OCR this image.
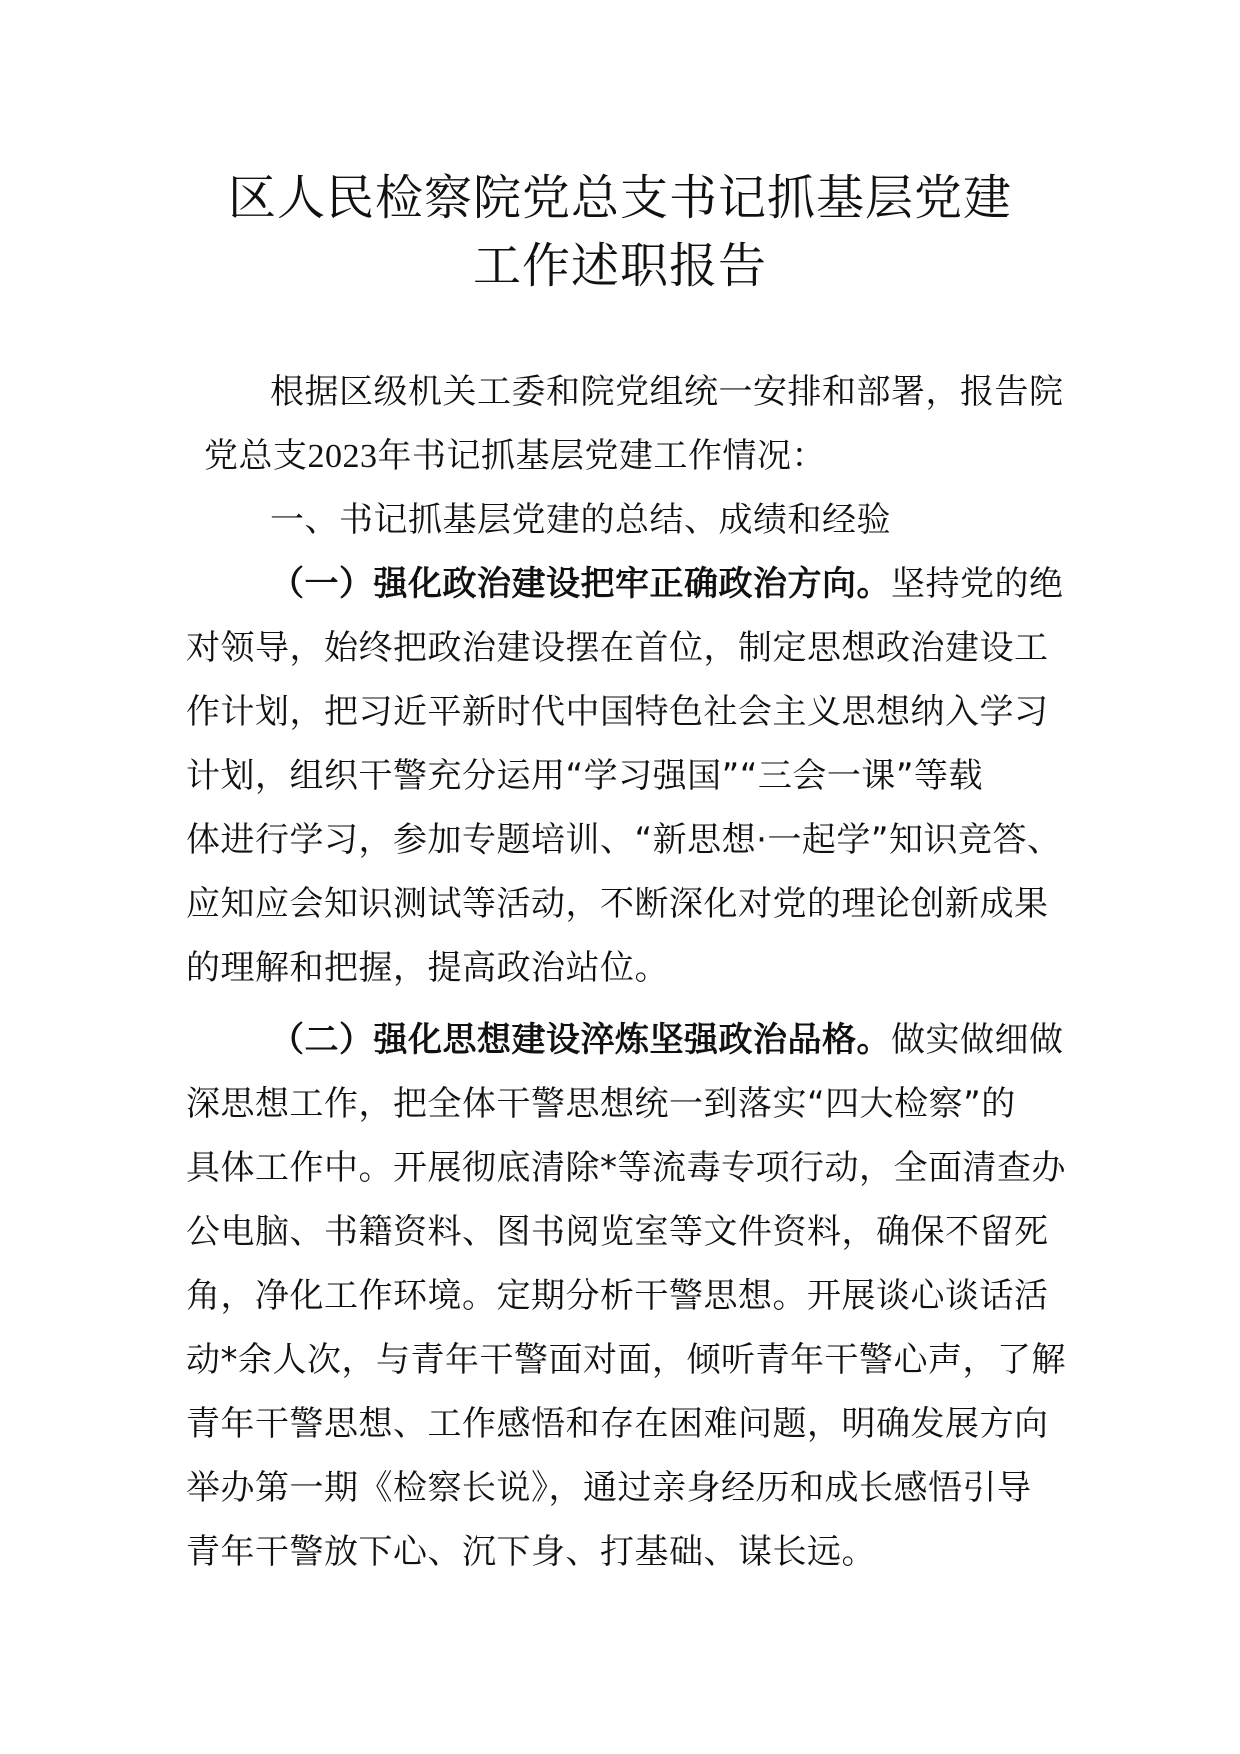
区人民检察院党总支书记抓基层党建
工作述职报告

根据区级机关工委和院党组统一安排和部署，报告院

党总支2023年书记抓基层党建工作情况：

一、书记抓基层党建的总结、成绩和经验

（一）强化政治建设把牢正确政治方向。坚持党的绝

对领导，始终把政治建设摆在首位，制定思想政治建设工

作计划，把习近平新时代中国特色社会主义思想纳入学习

计划，组织干警充分运用“学习强国”“三会一课”等载

体进行学习，参加专题培训、“新思想·一起学”知识竞答、

应知应会知识测试等活动，不断深化对党的理论创新成果

的理解和把握，提高政治站位。

（二）强化思想建设淬炼坚强政治品格。做实做细做

深思想工作，把全体干警思想统一到落实“四大检察”的

具体工作中。开展彻底清除*等流毒专项行动，全面清查办

公电脑、书籍资料、图书阅览室等文件资料，确保不留死

角，净化工作环境。定期分析干警思想。开展谈心谈话活

动*余人次，与青年干警面对面，倾听青年干警心声，了解

青年干警思想、工作感悟和存在困难问题，明确发展方向

举办第一期《检察长说》，通过亲身经历和成长感悟引导

青年干警放下心、沉下身、打基础、谋长远。
